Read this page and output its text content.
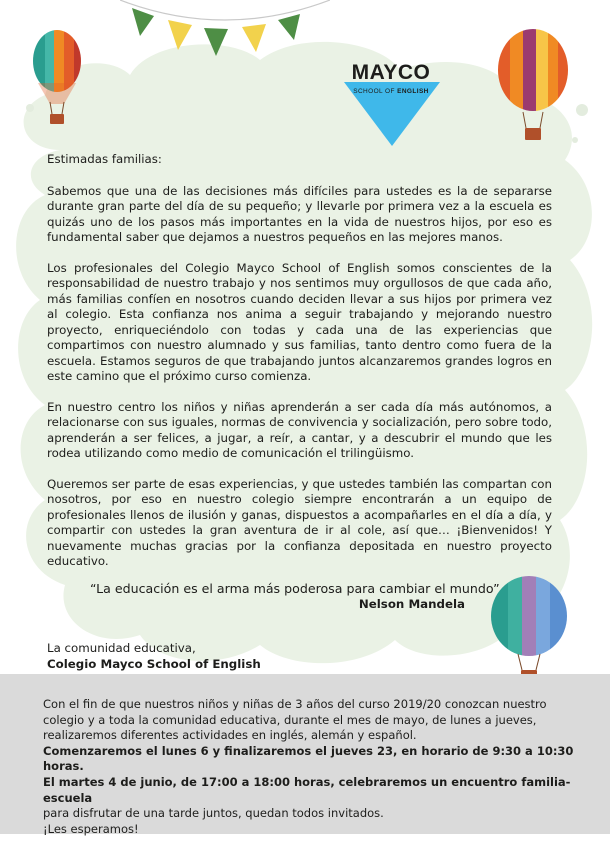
MAYCO
SCHOOL OF ENGLISH

Estimadas familias:

Sabemos que una de las decisiones más difíciles para ustedes es la de separarse durante gran parte del día de su pequeño; y llevarle por primera vez a la escuela es quizás uno de los pasos más importantes en la vida de nuestros hijos, por eso es fundamental saber que dejamos a nuestros pequeños en las mejores manos.

Los profesionales del Colegio Mayco School of English somos conscientes de la responsabilidad de nuestro trabajo y nos sentimos muy orgullosos de que cada año, más familias confíen en nosotros cuando deciden llevar a sus hijos por primera vez al colegio. Esta confianza nos anima a seguir trabajando y mejorando nuestro proyecto, enriqueciéndolo con todas y cada una de las experiencias que compartimos con nuestro alumnado y sus familias, tanto dentro como fuera de la escuela. Estamos seguros de que trabajando juntos alcanzaremos grandes logros en este camino que el próximo curso comienza.

En nuestro centro los niños y niñas aprenderán a ser cada día más autónomos, a relacionarse con sus iguales, normas de convivencia y socialización, pero sobre todo, aprenderán a ser felices, a jugar, a reír, a cantar, y a descubrir el mundo que les rodea utilizando como medio de comunicación el trilingüismo.

Queremos ser parte de esas experiencias, y que ustedes también las compartan con nosotros, por eso en nuestro colegio siempre encontrarán a un equipo de profesionales llenos de ilusión y ganas, dispuestos a acompañarles en el día a día, y compartir con ustedes la gran aventura de ir al cole, así que… ¡Bienvenidos! Y nuevamente muchas gracias por la confianza depositada en nuestro proyecto educativo.

“La educación es el arma más poderosa para cambiar el mundo”
Nelson Mandela
La comunidad educativa,
Colegio Mayco School of English
Con el fin de que nuestros niños y niñas de 3 años del curso 2019/20 conozcan nuestro colegio y a toda la comunidad educativa, durante el mes de mayo, de lunes a jueves, realizaremos diferentes actividades en inglés, alemán y español.
Comenzaremos el lunes 6 y finalizaremos el jueves 23, en horario de 9:30 a 10:30 horas.
El martes 4 de junio, de 17:00 a 18:00 horas, celebraremos un encuentro familia-escuela
para disfrutar de una tarde juntos, quedan todos invitados.
¡Les esperamos!
